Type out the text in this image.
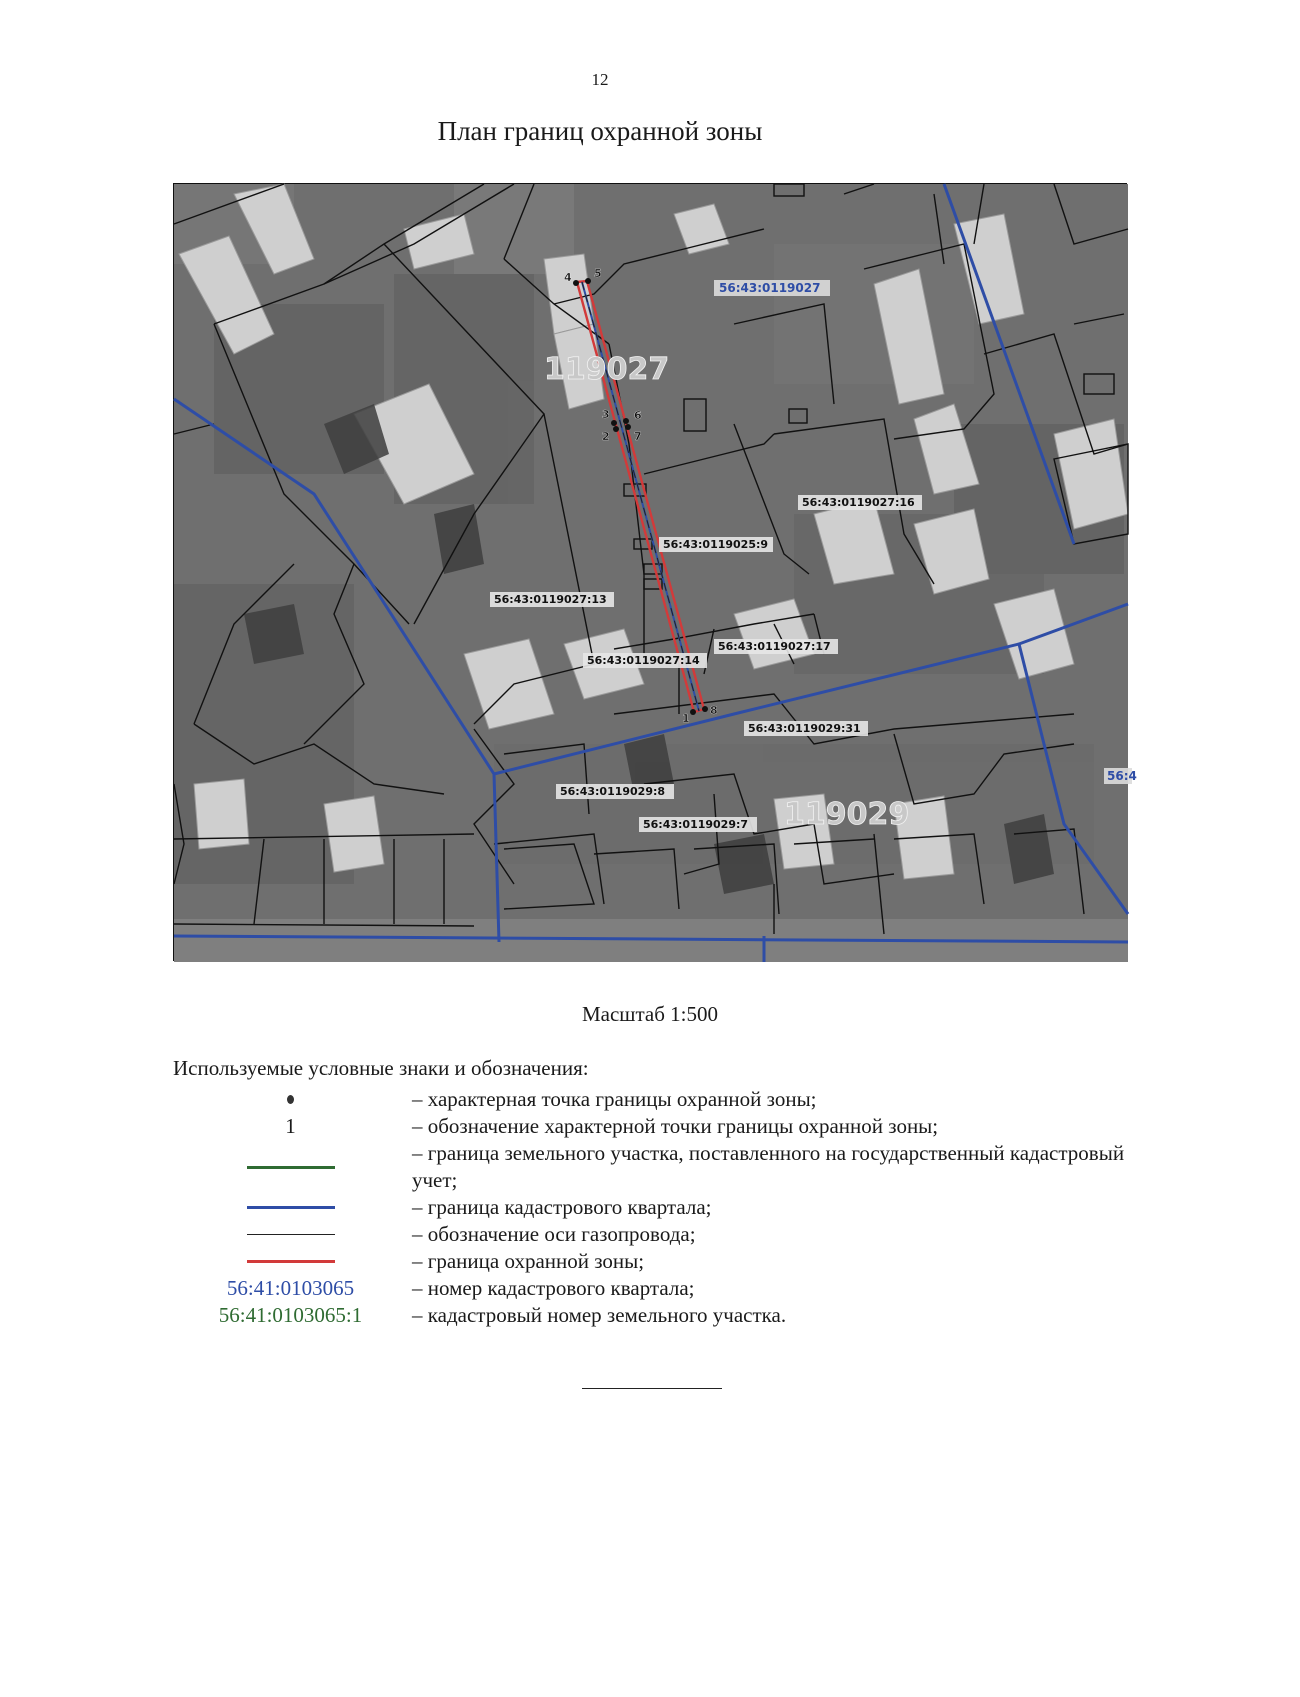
12
План границ охранной зоны
119027
119029
56:43:0119027
56:4
56:43:0119027:16
56:43:0119025:9
56:43:0119027:13
56:43:0119027:14
56:43:0119027:17
56:43:0119029:31
56:43:0119029:8
56:43:0119029:7
1
2
3
4 5
6
7
8
Масштаб 1:500
Используемые условные знаки и обозначения:
– характерная точка границы охранной зоны;
1	– обозначение характерной точки границы охранной зоны;
– граница земельного участка, поставленного на государственный кадастровый учет;
– граница кадастрового квартала;
– обозначение оси газопровода;
– граница охранной зоны;
56:41:0103065	– номер кадастрового квартала;
56:41:0103065:1 – кадастровый номер земельного участка.
